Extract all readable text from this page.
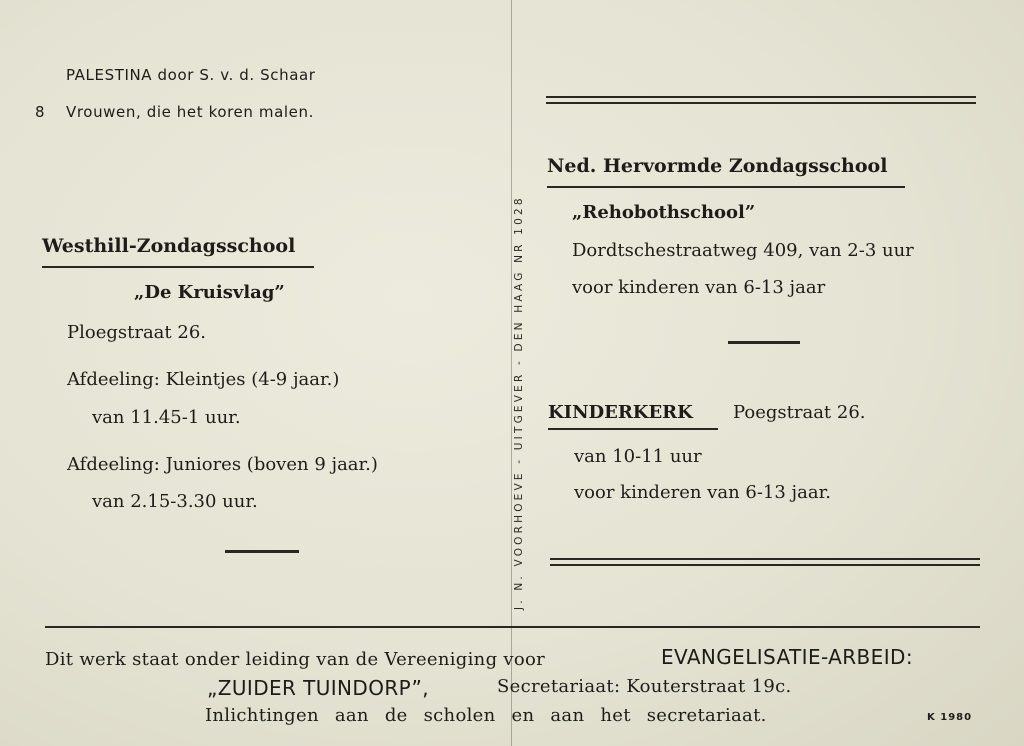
PALESTINA door S. v. d. Schaar
8 Vrouwen, die het koren malen.
Westhill-Zondagsschool
„De Kruisvlag”
Ploegstraat 26.
Afdeeling: Kleintjes (4-9 jaar.)
van 11.45-1 uur.
Afdeeling: Juniores (boven 9 jaar.)
van 2.15-3.30 uur.	J. N. VOORHOEVE - UITGEVER - DEN HAAG NR 1028
Ned. Hervormde Zondagsschool
„Rehobothschool”
Dordtschestraatweg 409, van 2-3 uur
voor kinderen van 6-13 jaar
KINDERKERK Poegstraat 26.
van 10-11 uur
voor kinderen van 6-13 jaar.
Dit werk staat onder leiding van de Vereeniging voor	EVANGELISATIE-ARBEID:
„ZUIDER TUINDORP”,	Secretariaat: Kouterstraat 19c.
Inlichtingen aan de scholen en aan het secretariaat.	K 1980
